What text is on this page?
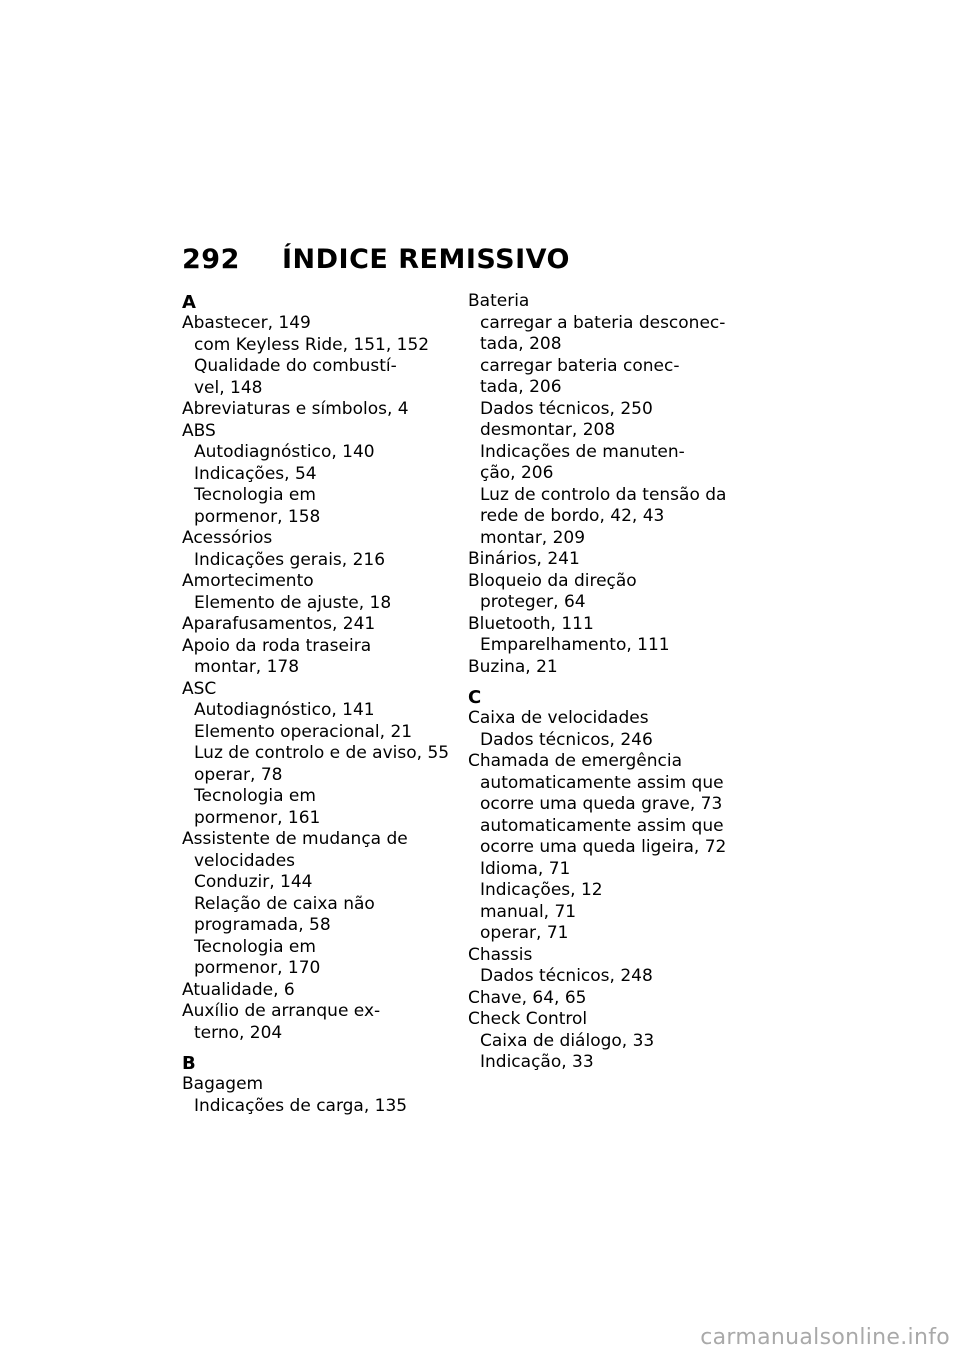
292	ÍNDICE REMISSIVO
A
Abastecer, 149
com Keyless Ride, 151, 152
Qualidade do combustí-
vel, 148
Abreviaturas e símbolos, 4
ABS
Autodiagnóstico, 140
Indicações, 54
Tecnologia em
pormenor, 158
Acessórios
Indicações gerais, 216
Amortecimento
Elemento de ajuste, 18
Aparafusamentos, 241
Apoio da roda traseira
montar, 178
ASC
Autodiagnóstico, 141
Elemento operacional, 21
Luz de controlo e de aviso, 55
operar, 78
Tecnologia em
pormenor, 161
Assistente de mudança de
velocidades
Conduzir, 144
Relação de caixa não
programada, 58
Tecnologia em
pormenor, 170
Atualidade, 6
Auxílio de arranque ex-
terno, 204
B
Bagagem
Indicações de carga, 135
Bateria
carregar a bateria desconec-
tada, 208
carregar bateria conec-
tada, 206
Dados técnicos, 250
desmontar, 208
Indicações de manuten-
ção, 206
Luz de controlo da tensão da
rede de bordo, 42, 43
montar, 209
Binários, 241
Bloqueio da direção
proteger, 64
Bluetooth, 111
Emparelhamento, 111
Buzina, 21
C
Caixa de velocidades
Dados técnicos, 246
Chamada de emergência
automaticamente assim que
ocorre uma queda grave, 73
automaticamente assim que
ocorre uma queda ligeira, 72
Idioma, 71
Indicações, 12
manual, 71
operar, 71
Chassis
Dados técnicos, 248
Chave, 64, 65
Check Control
Caixa de diálogo, 33
Indicação, 33
carmanualsonline.info
